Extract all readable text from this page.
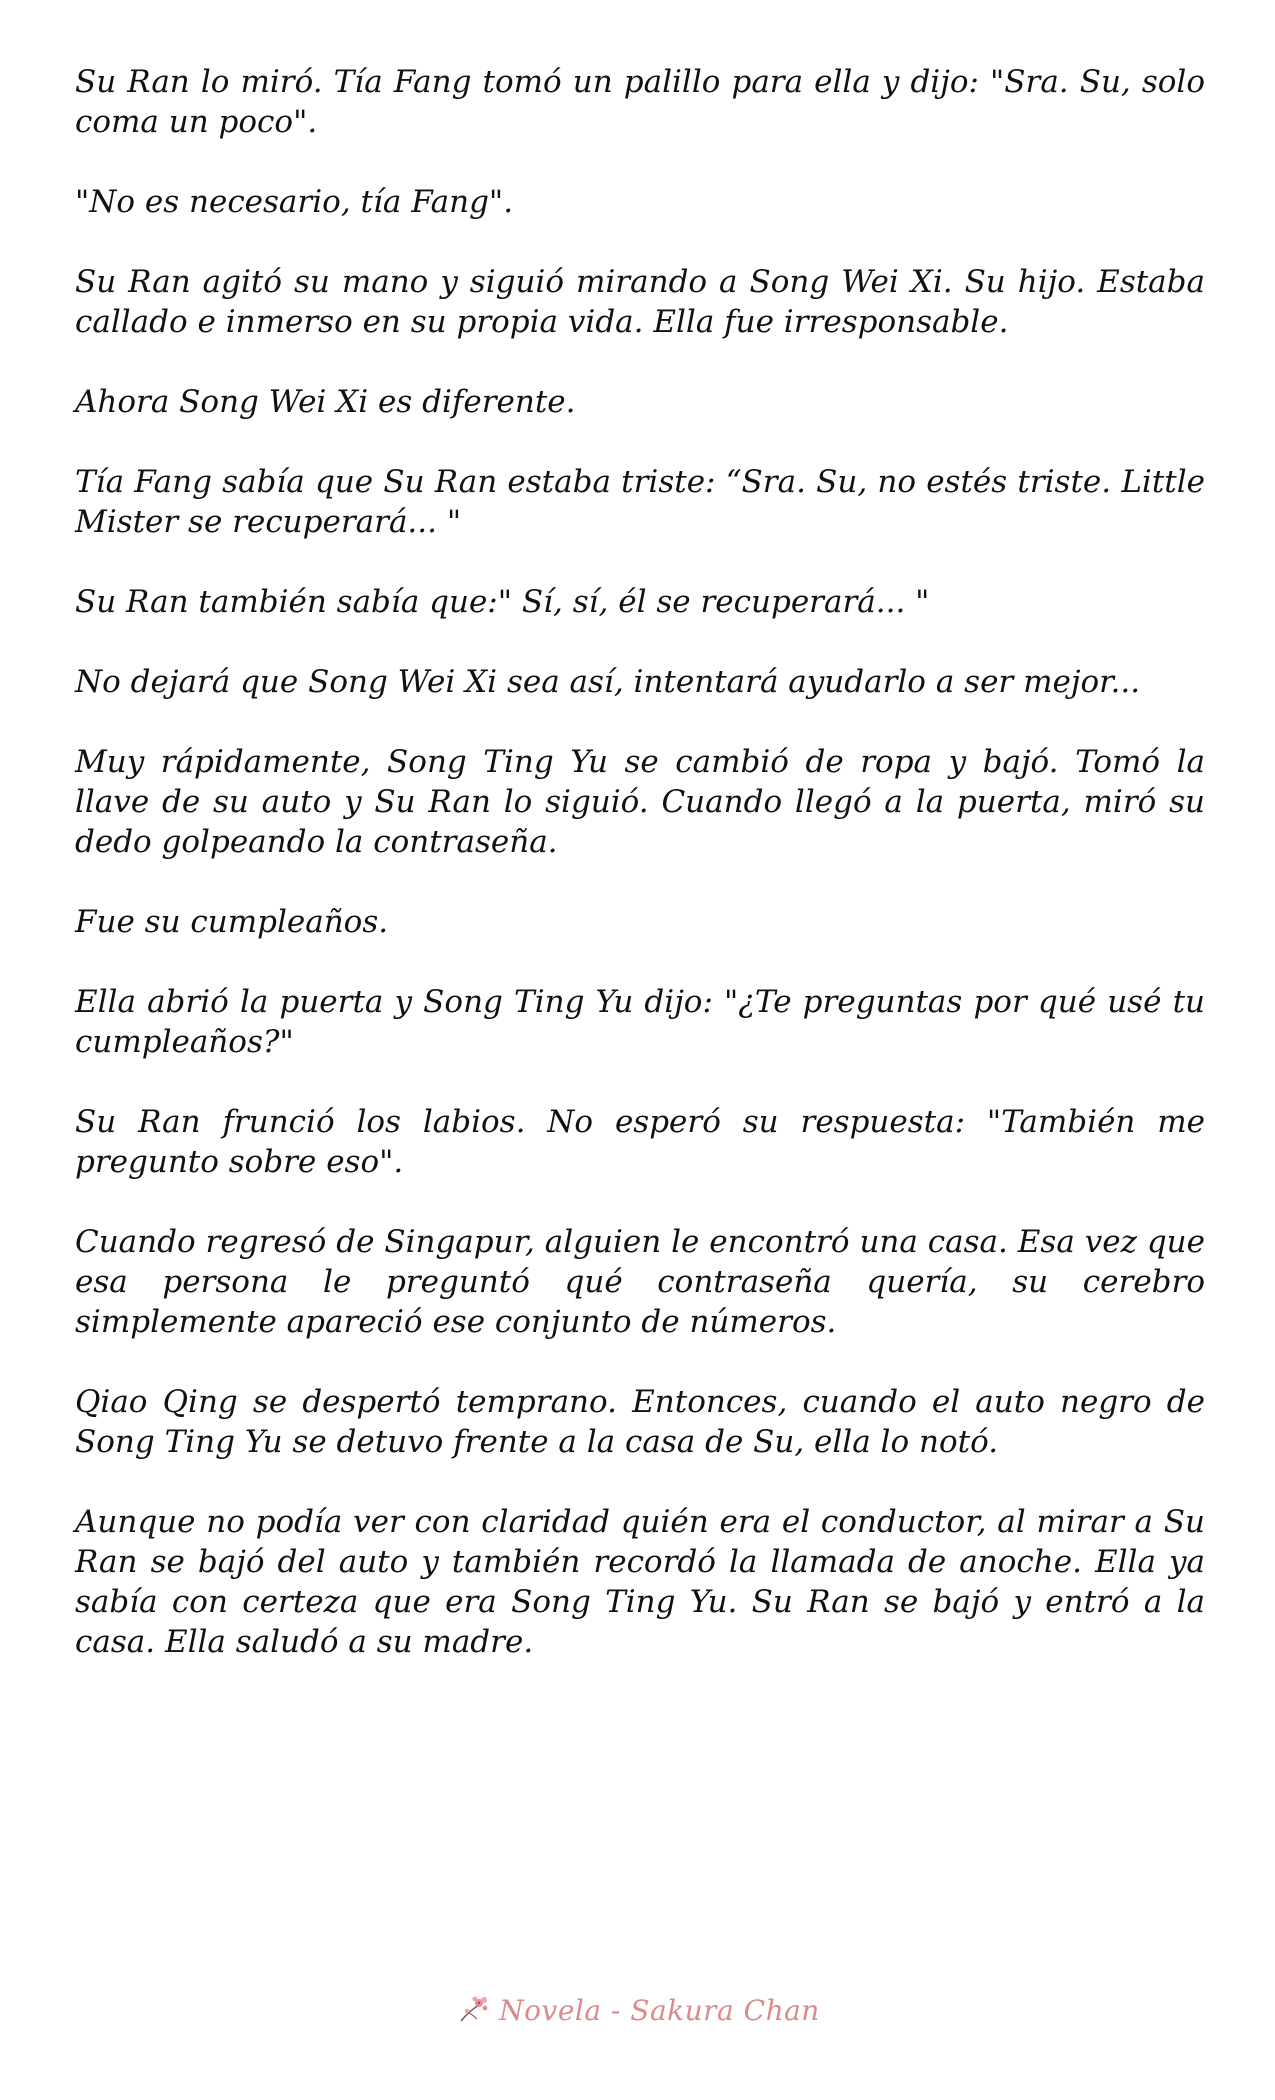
Su Ran lo miró. Tía Fang tomó un palillo para ella y dijo: "Sra. Su, solo coma un poco".

"No es necesario, tía Fang".

Su Ran agitó su mano y siguió mirando a Song Wei Xi. Su hijo. Estaba callado e inmerso en su propia vida. Ella fue irresponsable.

Ahora Song Wei Xi es diferente.

Tía Fang sabía que Su Ran estaba triste: “Sra. Su, no estés triste. Little Mister se recuperará... "

Su Ran también sabía que:" Sí, sí, él se recuperará... "

No dejará que Song Wei Xi sea así, intentará ayudarlo a ser mejor...

Muy rápidamente, Song Ting Yu se cambió de ropa y bajó. Tomó la llave de su auto y Su Ran lo siguió. Cuando llegó a la puerta, miró su dedo golpeando la contraseña.

Fue su cumpleaños.

Ella abrió la puerta y Song Ting Yu dijo: "¿Te preguntas por qué usé tu cumpleaños?"

Su Ran frunció los labios. No esperó su respuesta: "También me pregunto sobre eso".

Cuando regresó de Singapur, alguien le encontró una casa. Esa vez que esa persona le preguntó qué contraseña quería, su cerebro simplemente apareció ese conjunto de números.

Qiao Qing se despertó temprano. Entonces, cuando el auto negro de Song Ting Yu se detuvo frente a la casa de Su, ella lo notó.

Aunque no podía ver con claridad quién era el conductor, al mirar a Su Ran se bajó del auto y también recordó la llamada de anoche. Ella ya sabía con certeza que era Song Ting Yu. Su Ran se bajó y entró a la casa. Ella saludó a su madre.

Novela - Sakura Chan
